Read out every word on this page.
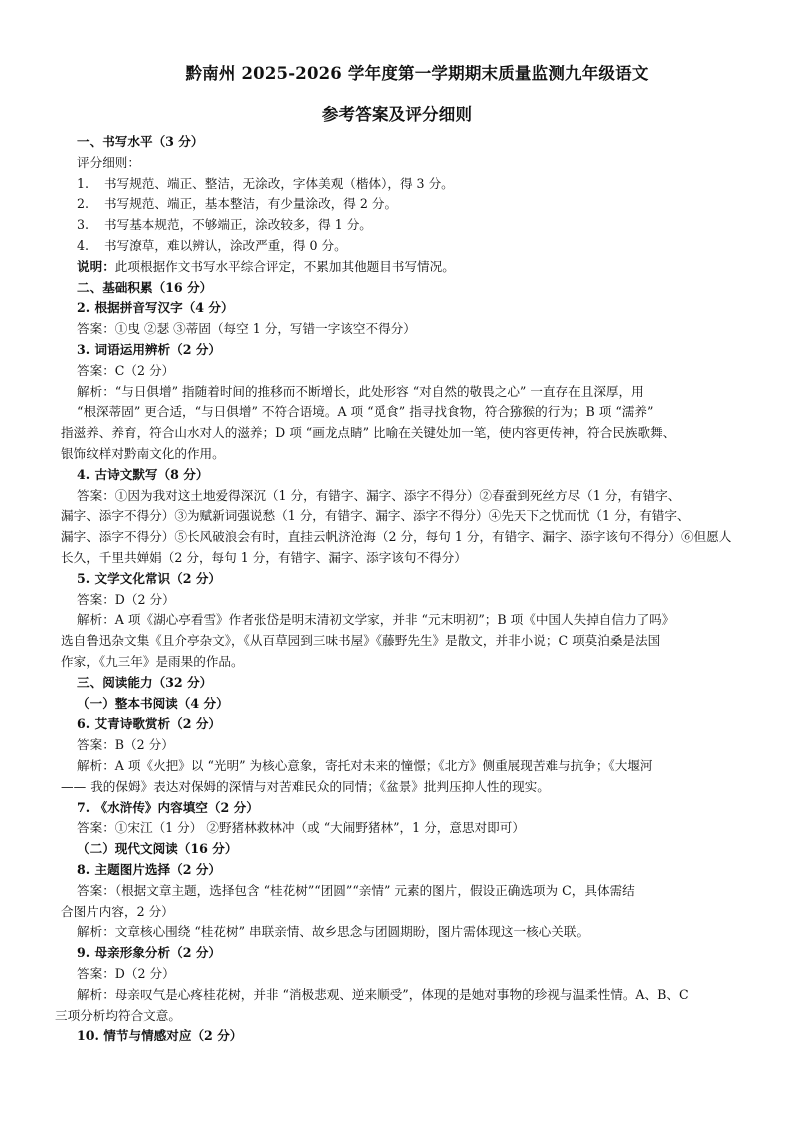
黔南州 2025-2026 学年度第一学期期末质量监测九年级语文
参考答案及评分细则
一、书写水平（3 分）
评分细则：
1. 书写规范、端正、整洁，无涂改，字体美观（楷体），得 3 分。
2. 书写规范、端正，基本整洁，有少量涂改，得 2 分。
3. 书写基本规范，不够端正，涂改较多，得 1 分。
4. 书写潦草，难以辨认，涂改严重，得 0 分。
说明：此项根据作文书写水平综合评定，不累加其他题目书写情况。
二、基础积累（16 分）
2. 根据拼音写汉字（4 分）
答案：①曳 ②瑟 ③蒂固（每空 1 分，写错一字该空不得分）
3. 词语运用辨析（2 分）
答案：C（2 分）
解析：“与日俱增” 指随着时间的推移而不断增长，此处形容 “对自然的敬畏之心” 一直存在且深厚，用
“根深蒂固” 更合适，“与日俱增” 不符合语境。A 项 “觅食” 指寻找食物，符合猕猴的行为；B 项 “濡养”
指滋养、养育，符合山水对人的滋养；D 项 “画龙点睛” 比喻在关键处加一笔，使内容更传神，符合民族歌舞、
银饰纹样对黔南文化的作用。
4. 古诗文默写（8 分）
答案：①因为我对这土地爱得深沉（1 分，有错字、漏字、添字不得分）②春蚕到死丝方尽（1 分，有错字、
漏字、添字不得分）③为赋新词强说愁（1 分，有错字、漏字、添字不得分）④先天下之忧而忧（1 分，有错字、
漏字、添字不得分）⑤长风破浪会有时，直挂云帆济沧海（2 分，每句 1 分，有错字、漏字、添字该句不得分）⑥但愿人
长久，千里共婵娟（2 分，每句 1 分，有错字、漏字、添字该句不得分）
5. 文学文化常识（2 分）
答案：D（2 分）
解析：A 项《湖心亭看雪》作者张岱是明末清初文学家，并非 “元末明初”；B 项《中国人失掉自信力了吗》
选自鲁迅杂文集《且介亭杂文》，《从百草园到三味书屋》《藤野先生》是散文，并非小说；C 项莫泊桑是法国
作家，《九三年》是雨果的作品。
三、阅读能力（32 分）
（一）整本书阅读（4 分）
6. 艾青诗歌赏析（2 分）
答案：B（2 分）
解析：A 项《火把》以 “光明” 为核心意象，寄托对未来的憧憬；《北方》侧重展现苦难与抗争；《大堰河
—— 我的保姆》表达对保姆的深情与对苦难民众的同情；《盆景》批判压抑人性的现实。
7. 《水浒传》内容填空（2 分）
答案：①宋江（1 分） ②野猪林救林冲（或 “大闹野猪林”，1 分，意思对即可）
（二）现代文阅读（16 分）
8. 主题图片选择（2 分）
答案：（根据文章主题，选择包含 “桂花树”“团圆”“亲情” 元素的图片，假设正确选项为 C，具体需结
合图片内容，2 分）
解析：文章核心围绕 “桂花树” 串联亲情、故乡思念与团圆期盼，图片需体现这一核心关联。
9. 母亲形象分析（2 分）
答案：D（2 分）
解析：母亲叹气是心疼桂花树，并非 “消极悲观、逆来顺受”，体现的是她对事物的珍视与温柔性情。A、B、C
三项分析均符合文意。
10. 情节与情感对应（2 分）
